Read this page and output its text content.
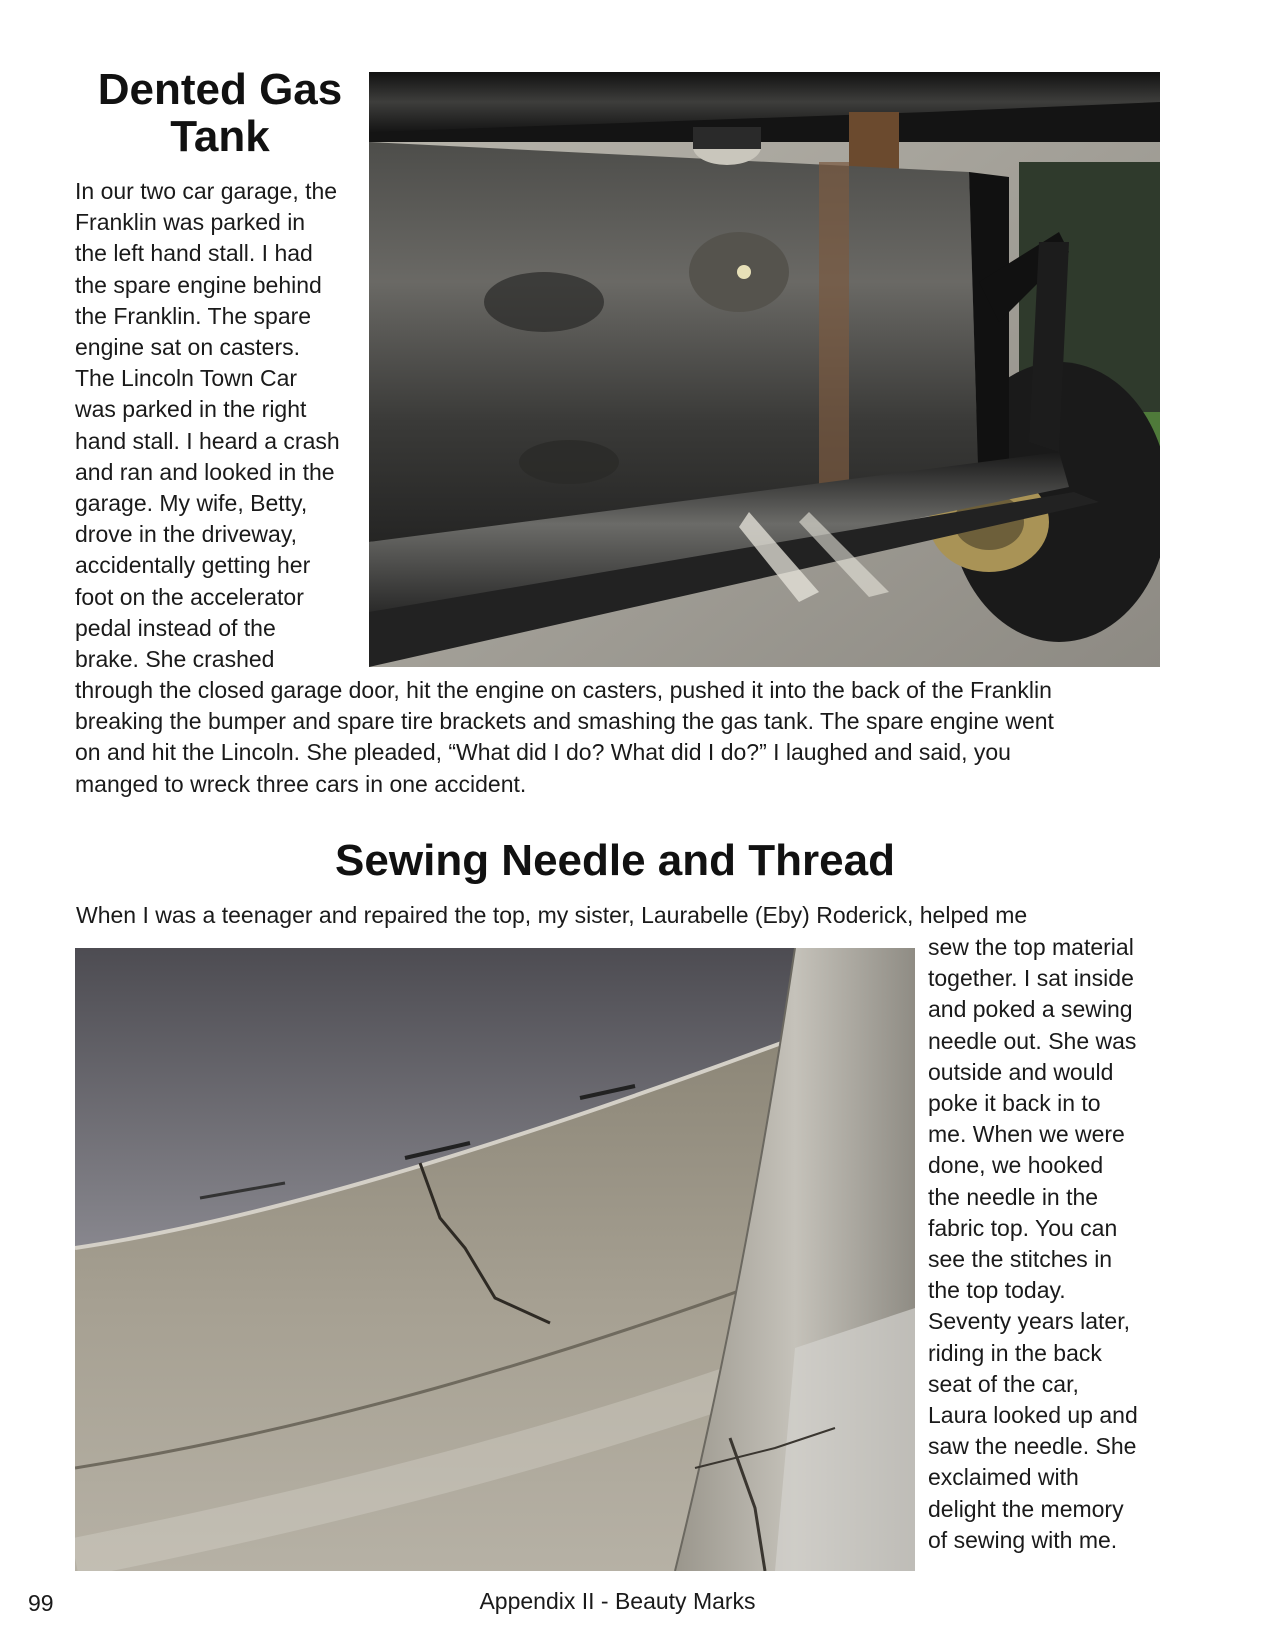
Dented Gas
Tank
In our two car garage, the
Franklin was parked in
the left hand stall. I had
the spare engine behind
the Franklin. The spare
engine sat on casters.
The Lincoln Town Car
was parked in the right
hand stall. I heard a crash
and ran and looked in the
garage. My wife, Betty,
drove in the driveway,
accidentally getting her
foot on the accelerator
pedal instead of the
brake. She crashed
through the closed garage door, hit the engine on casters, pushed it into the back of the Franklin
breaking the bumper and spare tire brackets and smashing the gas tank. The spare engine went
on and hit the Lincoln. She pleaded, “What did I do? What did I do?” I laughed and said, you
manged to wreck three cars in one accident.
Sewing Needle and Thread
When I was a teenager and repaired the top, my sister, Laurabelle (Eby) Roderick, helped me
sew the top material
together. I sat inside
and poked a sewing
needle out. She was
outside and would
poke it back in to
me. When we were
done, we hooked
the needle in the
fabric top. You can
see the stitches in
the top today.
Seventy years later,
riding in the back
seat of the car,
Laura looked up and
saw the needle. She
exclaimed with
delight the memory
of sewing with me.
99	Appendix II - Beauty Marks
